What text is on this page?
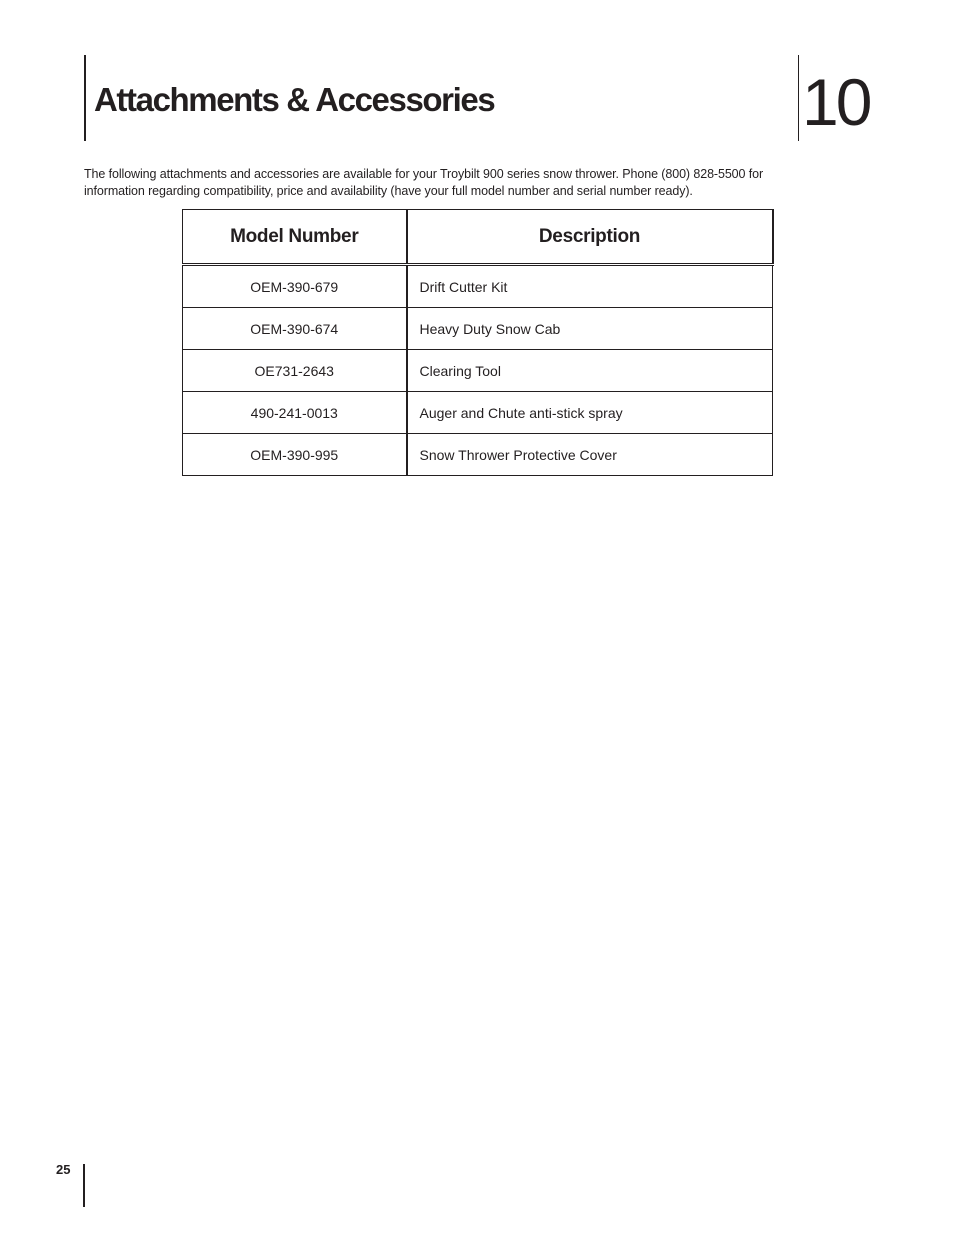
Attachments & Accessories	10

The following attachments and accessories are available for your Troybilt 900 series snow thrower. Phone (800) 828-5500 for information regarding compatibility, price and availability (have your full model number and serial number ready).

Model Number	Description
OEM-390-679	Drift Cutter Kit
OEM-390-674	Heavy Duty Snow Cab
OE731-2643	Clearing Tool
490-241-0013	Auger and Chute anti-stick spray
OEM-390-995	Snow Thrower Protective Cover
25
